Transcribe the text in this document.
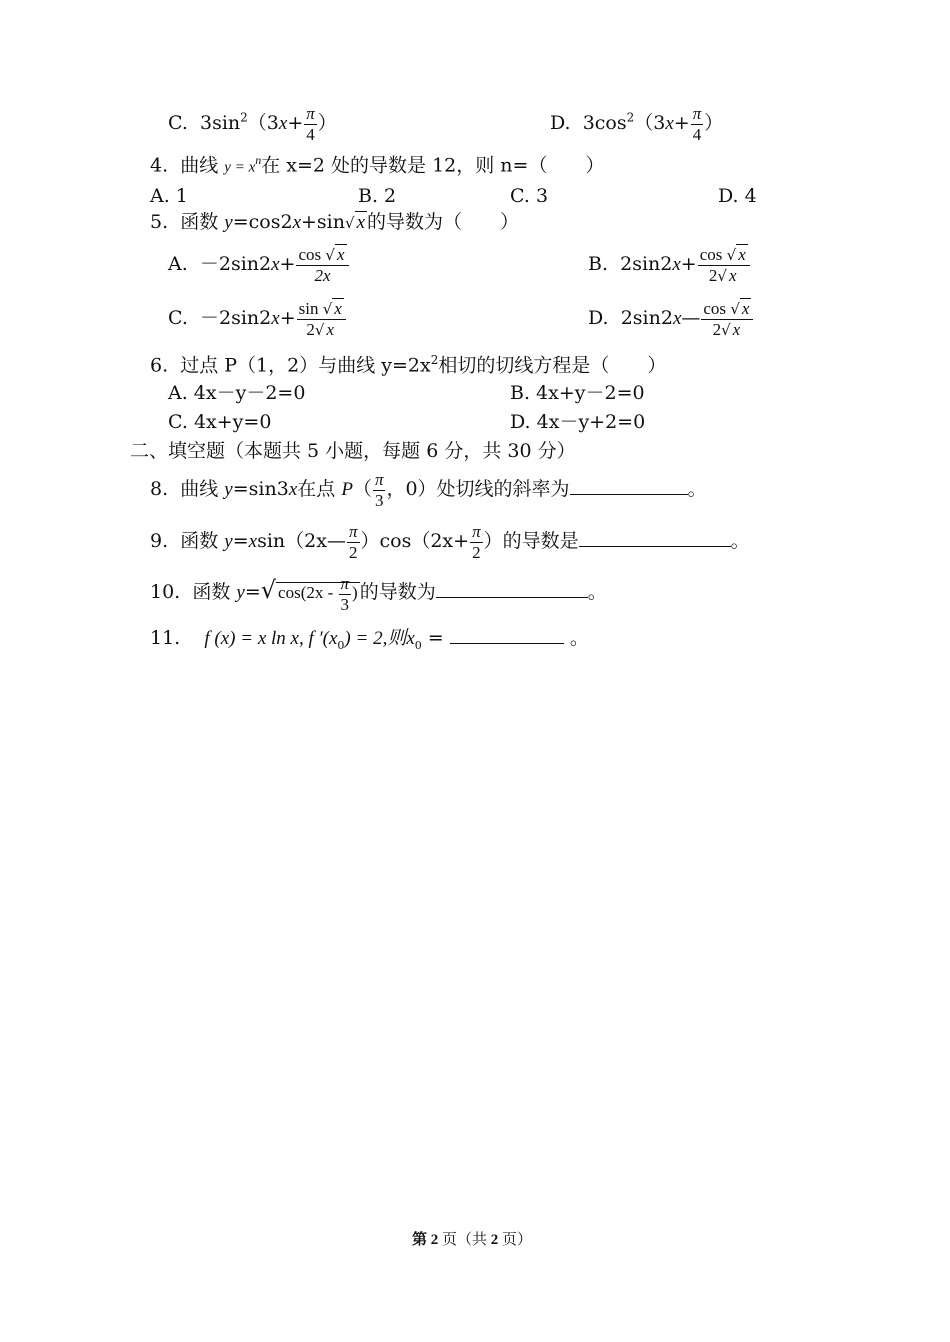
C. $3\sin^2(3x+ \frac{\pi}{4}$ ）	D. $3\cos^2(3x+ \frac{\pi}{4}$ ）
4. 曲线 $y = x^n$在 x=2 处的导数是 12，则 n=（　　）
A. 1	B. 2	C. 3	D. 4
5. 函数 y=cos2x+sin√ x 的导数为（　　）
A. $-2\sin 2x+ \frac{\cos √ x}{2x}$	B. $2\sin 2x+ \frac{\cos √ x}{2√ x}$
C. $-2\sin 2x+ \frac{\sin √ x}{2√ x}$	D. 2sin2x— $\frac{\cos √ x}{2√ x}$
6. 过点 P（1，2）与曲线 $y=2x^2$相切的切线方程是（　　）
A. 4x－y－2=0	B. 4x+y－2=0
C. 4x+y=0	D. 4x－y+2=0
二、填空题（本题共 5 小题，每题 6 分，共 30 分）
8. 曲线 y=sin3x在点 $P( \frac{\pi}{3}$ ，0）处切线的斜率为	。
9. 函数 y=xsin（2x— $\frac{\pi}{2} )\cos(2x+ \frac{\pi}{2}$ ）的导数是	。
10. 函数 y=√ $\cos(2x - \frac{\pi}{3}$ ) 的导数为	。
11. f (x) = x ln x, f $'(x_0) = 2$,则$x_0$ =	。
第 2 页（共 2 页）
